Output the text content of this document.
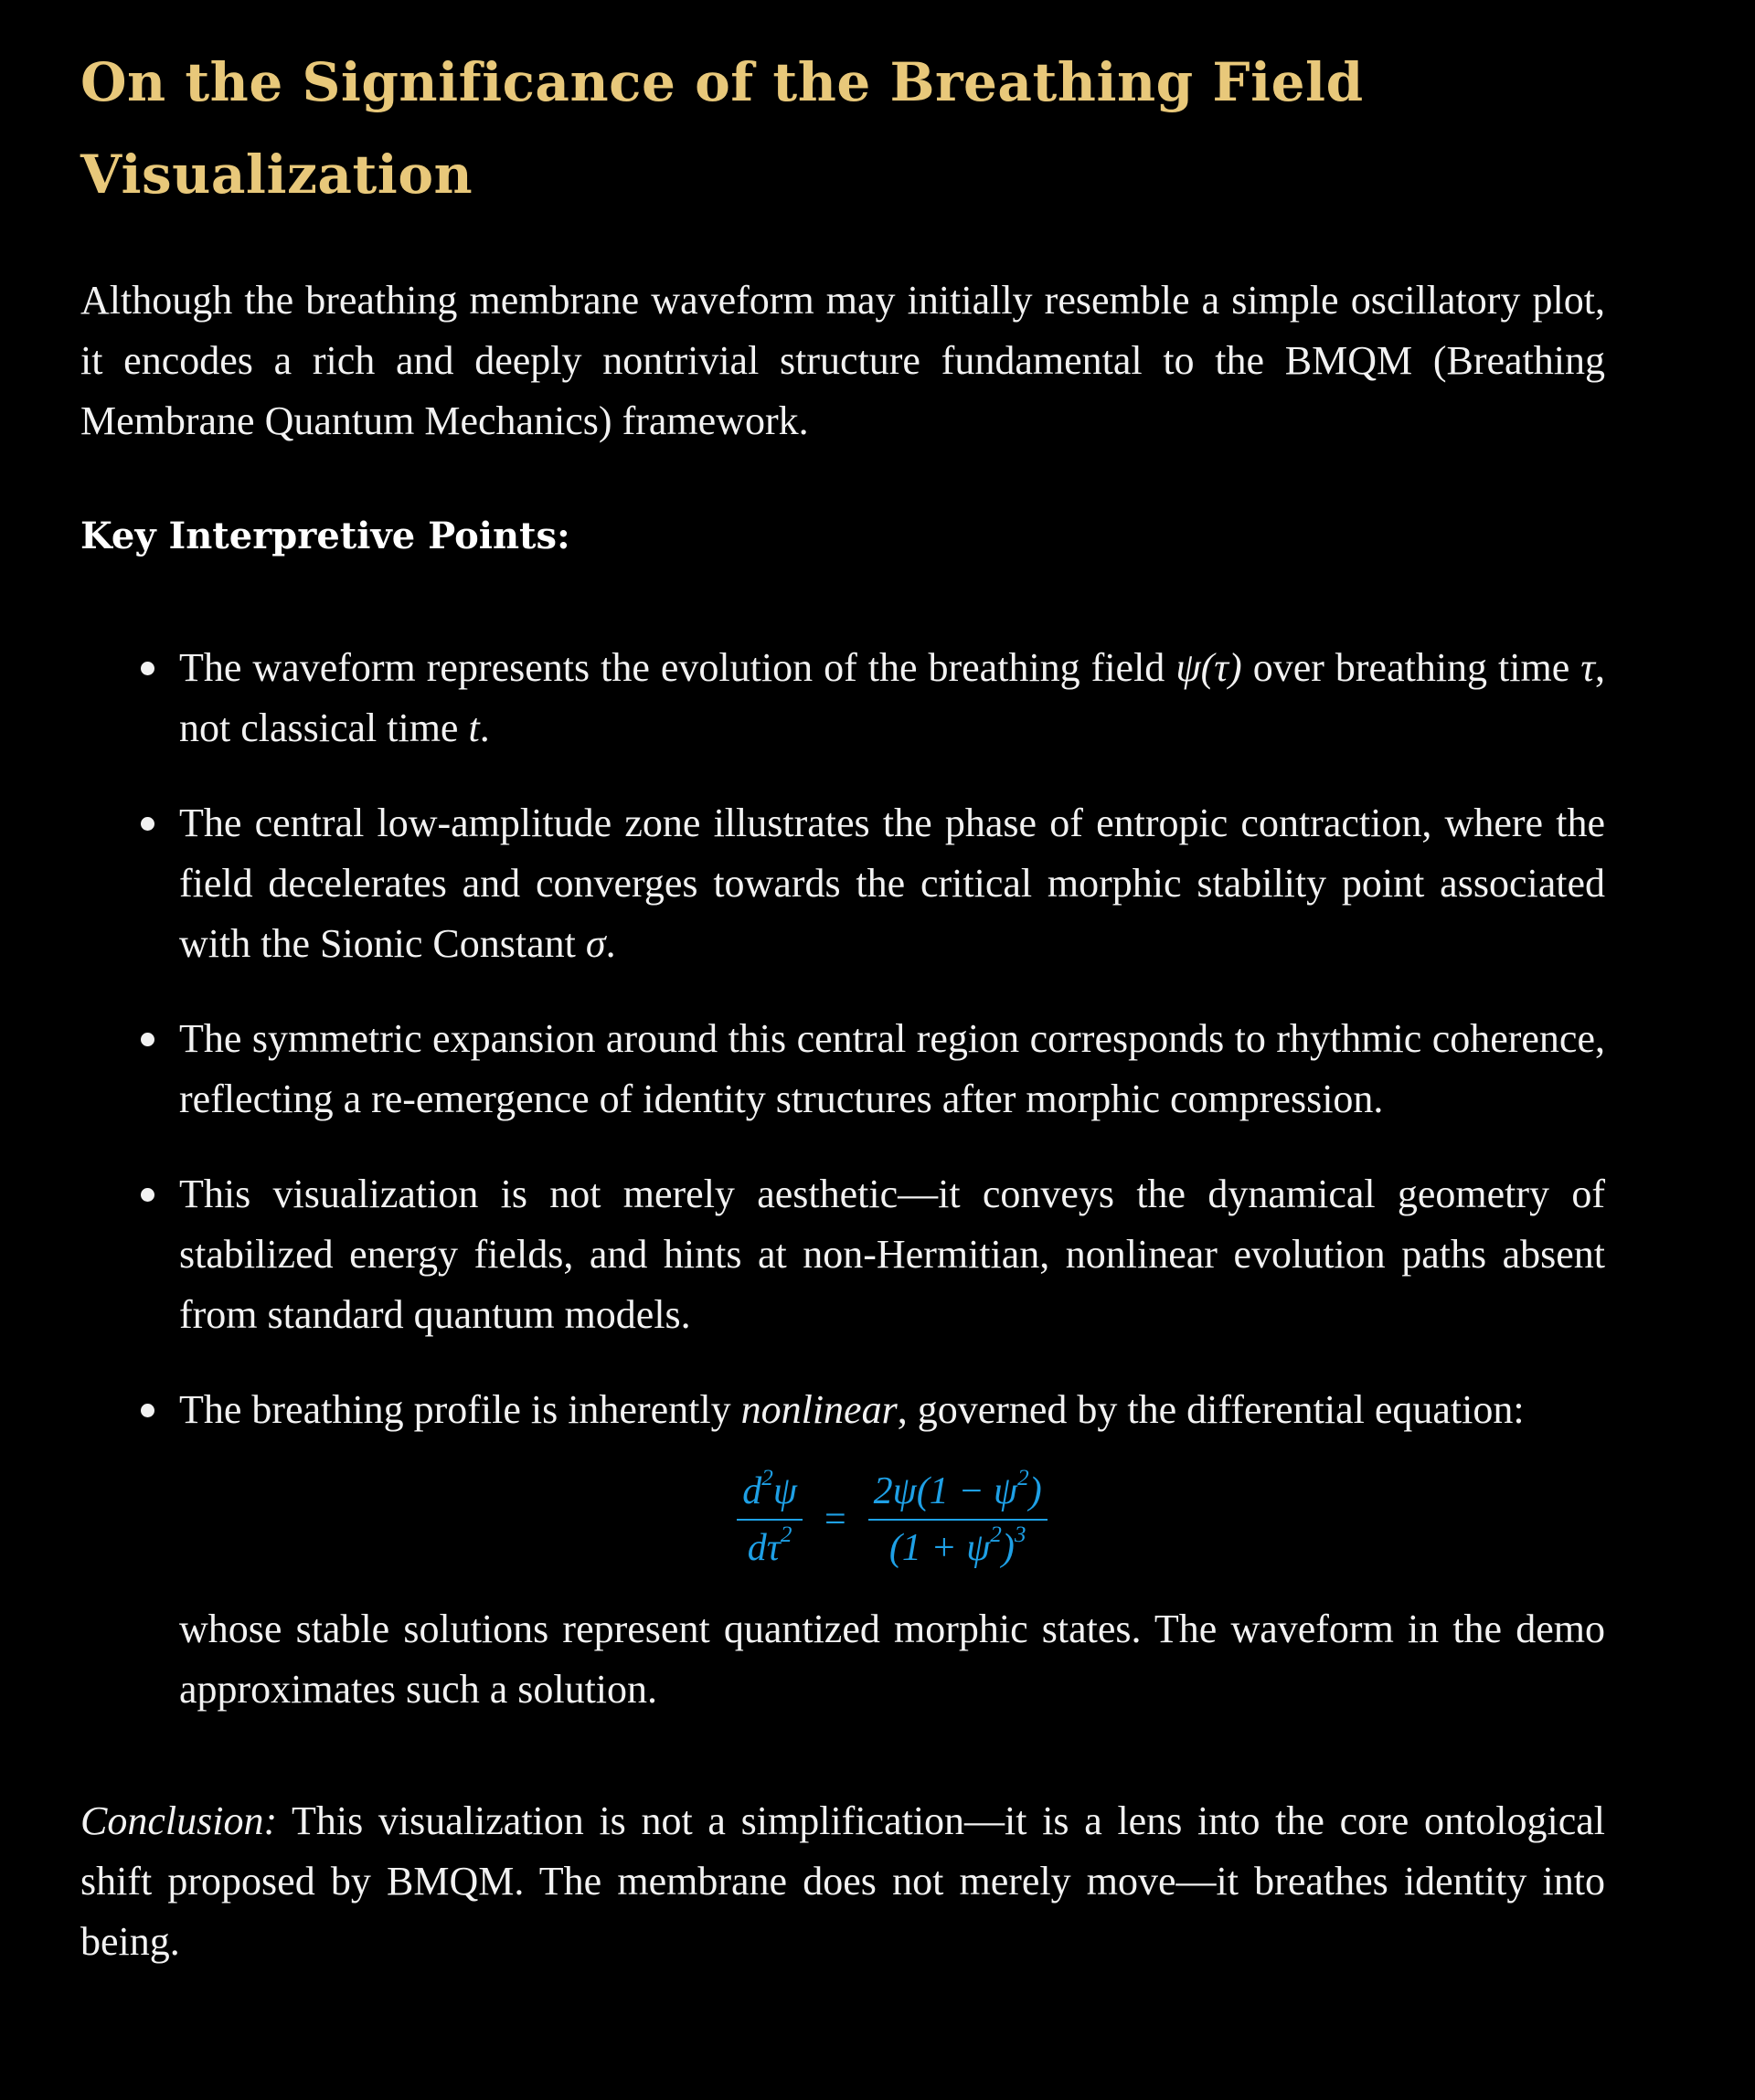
On the Significance of the Breathing Field
Visualization

Although the breathing membrane waveform may initially resemble a simple oscillatory plot, it encodes a rich and deeply nontrivial structure fundamental to the BMQM (Breathing Membrane Quantum Mechanics) framework.

Key Interpretive Points:
The waveform represents the evolution of the breathing field ψ(τ) over breathing time τ, not classical time t.
The central low-amplitude zone illustrates the phase of entropic contraction, where the field decelerates and converges towards the critical morphic stability point associated with the Sionic Constant σ.
The symmetric expansion around this central region corresponds to rhythmic coherence, reflecting a re-emergence of identity structures after morphic compression.
This visualization is not merely aesthetic—it conveys the dynamical geometry of stabilized energy fields, and hints at non-Hermitian, nonlinear evolution paths absent from standard quantum models.
The breathing profile is inherently nonlinear, governed by the differential equation:
$\frac{d^2\psi}{d\tau^2} = \frac{2\psi(1 - \psi^2)}{(1 + \psi^2)^3}$
whose stable solutions represent quantized morphic states. The waveform in the demo approximates such a solution.

Conclusion: This visualization is not a simplification—it is a lens into the core ontological shift proposed by BMQM. The membrane does not merely move—it breathes identity into being.
